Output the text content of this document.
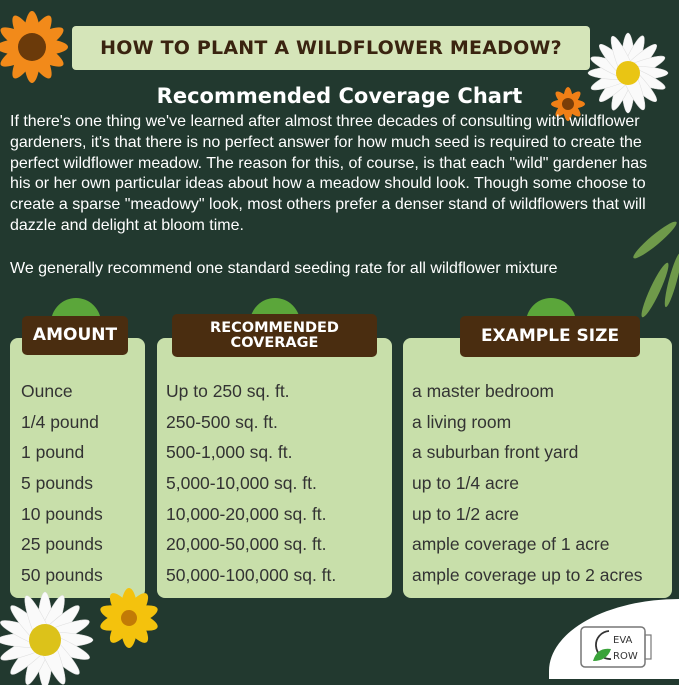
HOW TO PLANT A WILDFLOWER MEADOW?
Recommended Coverage Chart
If there's one thing we've learned after almost three decades of consulting with wildflower gardeners, it's that there is no perfect answer for how much seed is required to create the perfect wildflower meadow. The reason for this, of course, is that each "wild" gardener has his or her own particular ideas about how a meadow should look. Though some choose to create a sparse "meadowy" look, most others prefer a denser stand of wildflowers that will dazzle and delight at bloom time.
We generally recommend one standard seeding rate for all wildflower mixture
Ounce
1/4 pound
1 pound
5 pounds
10 pounds
25 pounds
50 pounds
Up to 250 sq. ft.
250-500 sq. ft.
500-1,000 sq. ft.
5,000-10,000 sq. ft.
10,000-20,000 sq. ft.
20,000-50,000 sq. ft.
50,000-100,000 sq. ft.
a master bedroom
a living room
a suburban front yard
up to 1/4 acre
up to 1/2 acre
ample coverage of 1 acre
ample coverage up to 2 acres
AMOUNT	RECOMMENDED
COVERAGE	EXAMPLE SIZE
EVA
ROW
